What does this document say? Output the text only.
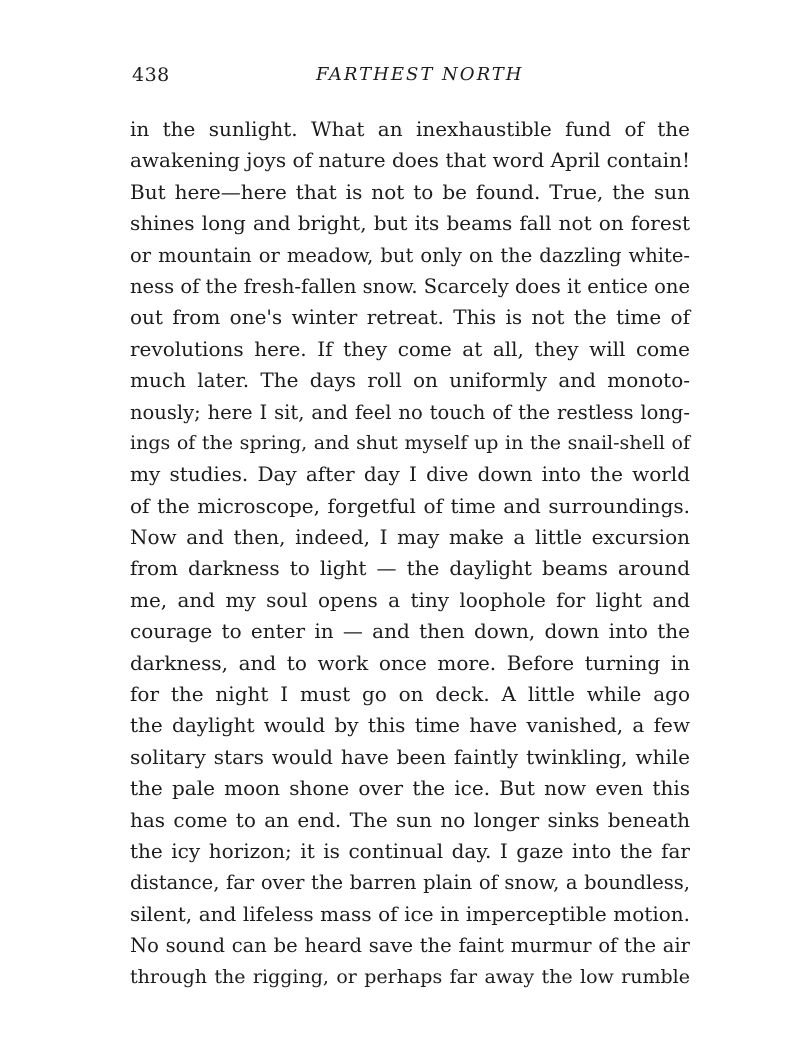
438	FARTHEST NORTH
in the sunlight. What an inexhaustible fund of the
awakening joys of nature does that word April contain!
But here—here that is not to be found. True, the sun
shines long and bright, but its beams fall not on forest
or mountain or meadow, but only on the dazzling white-
ness of the fresh-fallen snow. Scarcely does it entice one
out from one's winter retreat. This is not the time of
revolutions here. If they come at all, they will come
much later. The days roll on uniformly and monoto-
nously; here I sit, and feel no touch of the restless long-
ings of the spring, and shut myself up in the snail-shell of
my studies. Day after day I dive down into the world
of the microscope, forgetful of time and surroundings.
Now and then, indeed, I may make a little excursion
from darkness to light — the daylight beams around
me, and my soul opens a tiny loophole for light and
courage to enter in — and then down, down into the
darkness, and to work once more. Before turning in
for the night I must go on deck. A little while ago
the daylight would by this time have vanished, a few
solitary stars would have been faintly twinkling, while
the pale moon shone over the ice. But now even this
has come to an end. The sun no longer sinks beneath
the icy horizon; it is continual day. I gaze into the far
distance, far over the barren plain of snow, a boundless,
silent, and lifeless mass of ice in imperceptible motion.
No sound can be heard save the faint murmur of the air
through the rigging, or perhaps far away the low rumble
